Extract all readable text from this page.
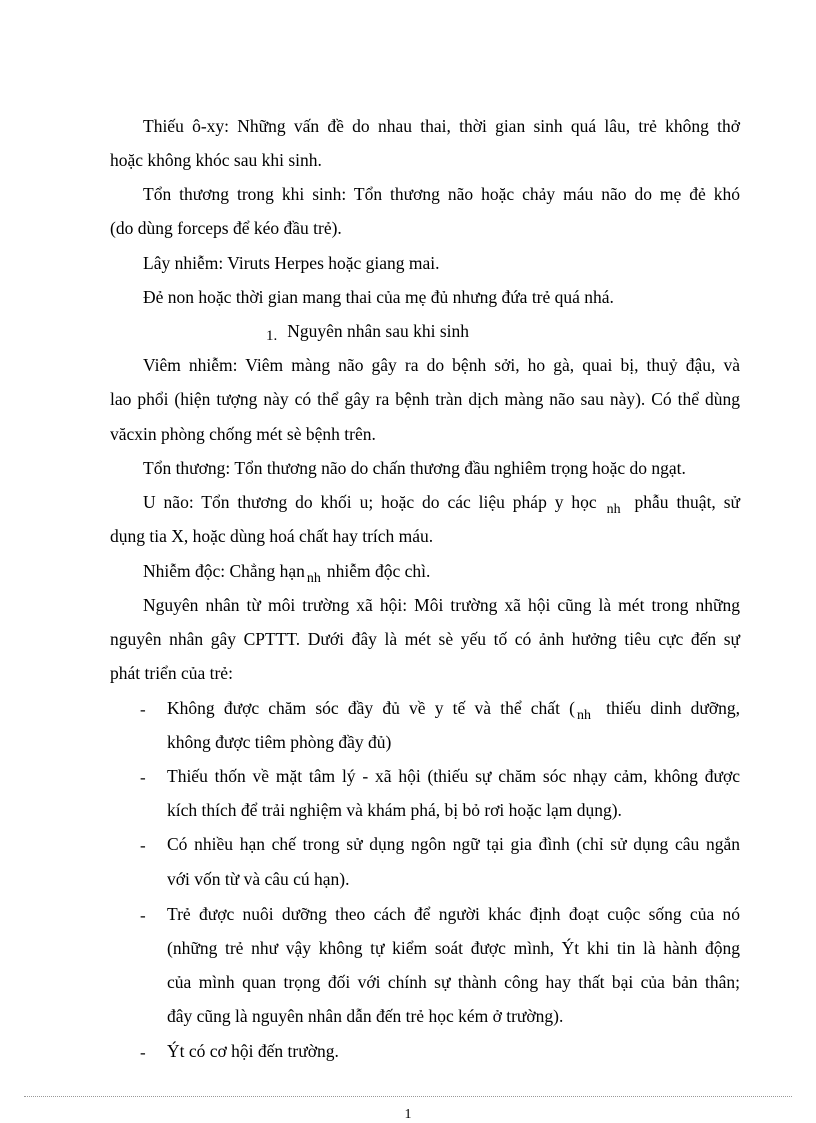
Thiếu ô-xy: Những vấn đề do nhau thai, thời gian sinh quá lâu, trẻ không thở
hoặc không khóc sau khi sinh.
Tổn thương trong khi sinh: Tổn thương não hoặc chảy máu não do mẹ đẻ khó
(do dùng forceps để kéo đầu trẻ).
Lây nhiễm: Viruts Herpes hoặc giang mai.
Đẻ non hoặc thời gian mang thai của mẹ đủ nhưng đứa trẻ quá nhá.
1. Nguyên nhân sau khi sinh
Viêm nhiễm: Viêm màng não gây ra do bệnh sởi, ho gà, quai bị, thuỷ đậu, và
lao phổi (hiện tượng này có thể gây ra bệnh tràn dịch màng não sau này). Có thể dùng
văcxin phòng chống mét sè bệnh trên.
Tổn thương: Tổn thương não do chấn thương đầu nghiêm trọng hoặc do ngạt.
U não: Tổn thương do khối u; hoặc do các liệu pháp y học $_{nh}$ phẫu thuật, sử
dụng tia X, hoặc dùng hoá chất hay trích máu.
Nhiễm độc: Chẳng hạn $_{nh}$ nhiễm độc chì.
Nguyên nhân từ môi trường xã hội: Môi trường xã hội cũng là mét trong những
nguyên nhân gây CPTTT. Dưới đây là mét sè yếu tố có ảnh hưởng tiêu cực đến sự
phát triển của trẻ:
-	Không được chăm sóc đầy đủ về y tế và thể chất ( $_{nh}$ thiếu dinh dưỡng,
không được tiêm phòng đầy đủ)
-	Thiếu thốn về mặt tâm lý - xã hội (thiếu sự chăm sóc nhạy cảm, không được
kích thích để trải nghiệm và khám phá, bị bỏ rơi hoặc lạm dụng).
-	Có nhiều hạn chế trong sử dụng ngôn ngữ tại gia đình (chỉ sử dụng câu ngắn
với vốn từ và câu cú hạn).
-	Trẻ được nuôi dưỡng theo cách để người khác định đoạt cuộc sống của nó
(những trẻ như vậy không tự kiểm soát được mình, Ýt khi tin là hành động
của mình quan trọng đối với chính sự thành công hay thất bại của bản thân;
đây cũng là nguyên nhân dẫn đến trẻ học kém ở trường).
-	Ýt có cơ hội đến trường.
1
